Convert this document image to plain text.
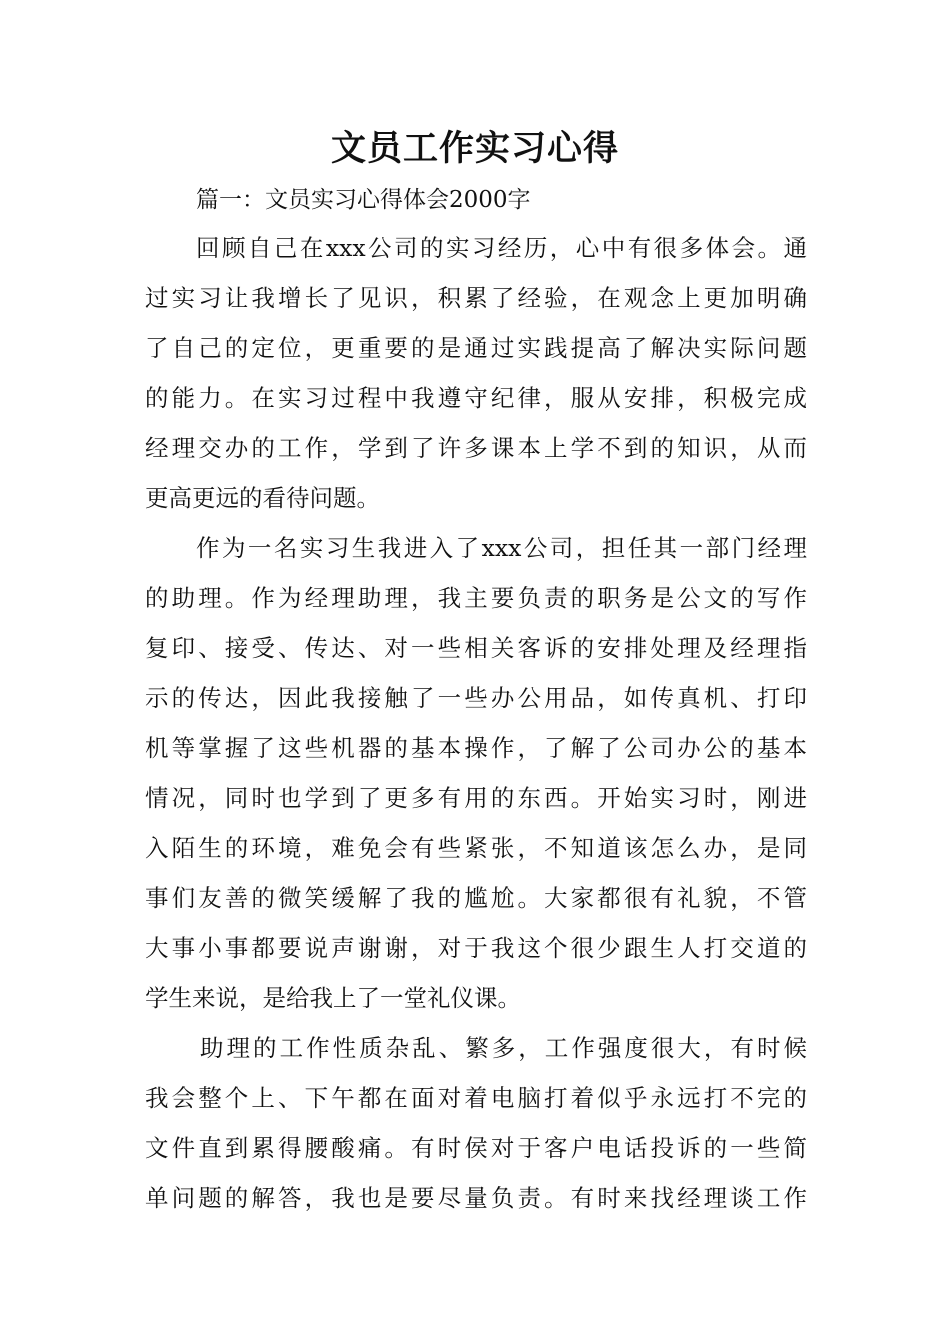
文员工作实习心得

篇一：文员实习心得体会2000字

回顾自己在xxx公司的实习经历，心中有很多体会。通

过实习让我增长了见识，积累了经验，在观念上更加明确

了自己的定位，更重要的是通过实践提高了解决实际问题

的能力。在实习过程中我遵守纪律，服从安排，积极完成

经理交办的工作，学到了许多课本上学不到的知识，从而

更高更远的看待问题。

作为一名实习生我进入了xxx公司，担任其一部门经理

的助理。作为经理助理，我主要负责的职务是公文的写作

复印、接受、传达、对一些相关客诉的安排处理及经理指

示的传达，因此我接触了一些办公用品，如传真机、打印

机等掌握了这些机器的基本操作，了解了公司办公的基本

情况，同时也学到了更多有用的东西。开始实习时，刚进

入陌生的环境，难免会有些紧张，不知道该怎么办，是同

事们友善的微笑缓解了我的尴尬。大家都很有礼貌，不管

大事小事都要说声谢谢，对于我这个很少跟生人打交道的

学生来说，是给我上了一堂礼仪课。

助理的工作性质杂乱、繁多，工作强度很大，有时候

我会整个上、下午都在面对着电脑打着似乎永远打不完的

文件直到累得腰酸痛。有时侯对于客户电话投诉的一些简

单问题的解答，我也是要尽量负责。有时来找经理谈工作
